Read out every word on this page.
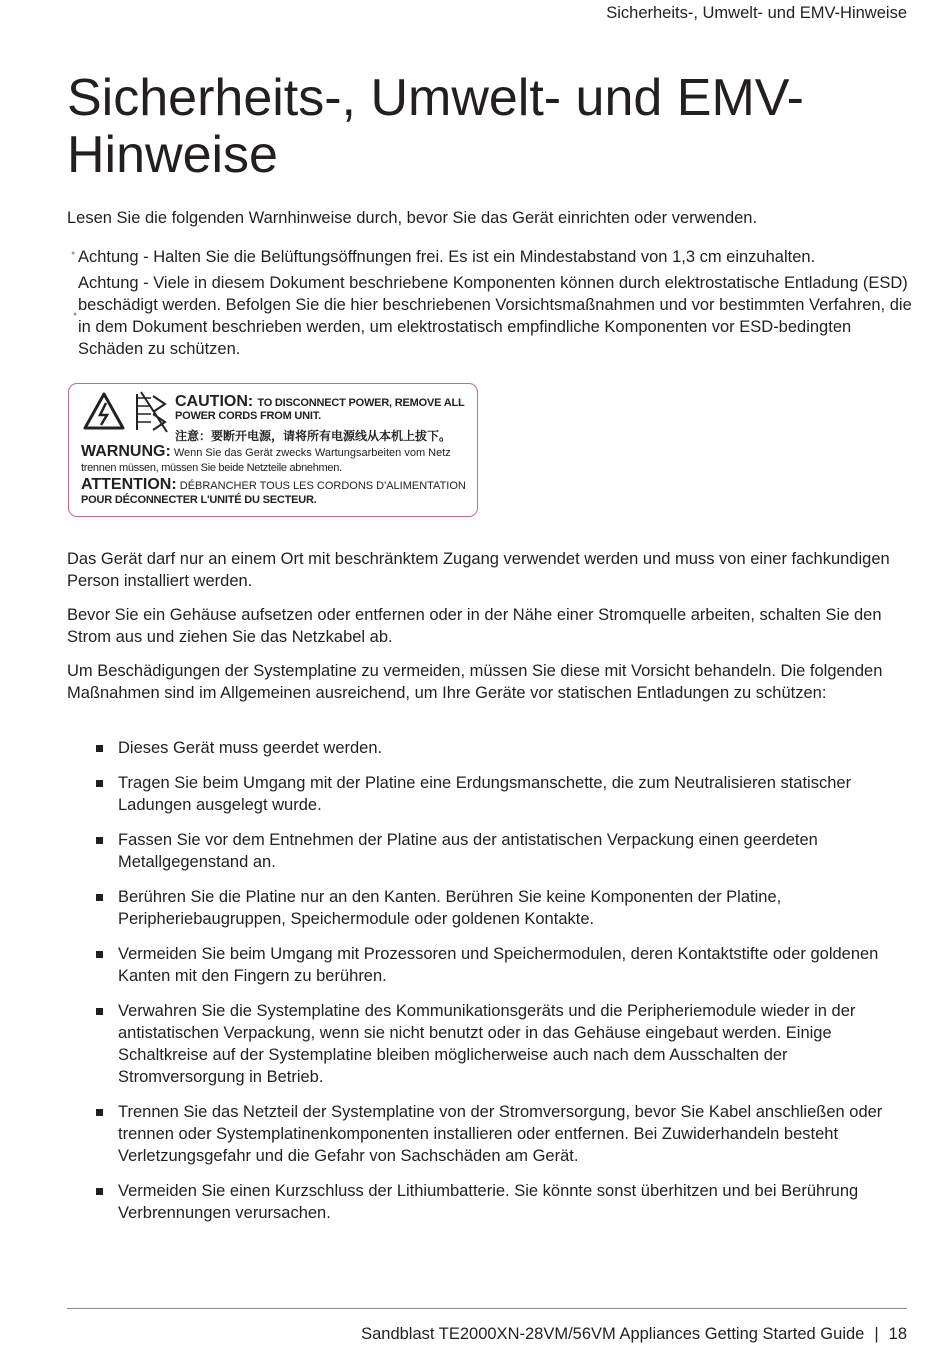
Sicherheits-, Umwelt- und EMV-Hinweise
Sicherheits-, Umwelt- und EMV-
Hinweise

Lesen Sie die folgenden Warnhinweise durch, bevor Sie das Gerät einrichten oder verwenden.

● Achtung - Halten Sie die Belüftungsöffnungen frei. Es ist ein Mindestabstand von 1,3 cm einzuhalten.
●
Achtung - Viele in diesem Dokument beschriebene Komponenten können durch elektrostatische Entladung (ESD) beschädigt werden. Befolgen Sie die hier beschriebenen Vorsichtsmaßnahmen und vor bestimmten Verfahren, die in dem Dokument beschrieben werden, um elektrostatisch empfindliche Komponenten vor ESD-bedingten Schäden zu schützen.
CAUTION: TO DISCONNECT POWER, REMOVE ALL
POWER CORDS FROM UNIT.
注意：要断开电源，请将所有电源线从本机上拔下。
WARNUNG: Wenn Sie das Gerät zwecks Wartungsarbeiten vom Netz
trennen müssen, müssen Sie beide Netzteile abnehmen.
ATTENTION: DÉBRANCHER TOUS LES CORDONS D'ALIMENTATION
POUR DÉCONNECTER L'UNITÉ DU SECTEUR.

Das Gerät darf nur an einem Ort mit beschränktem Zugang verwendet werden und muss von einer fachkundigen Person installiert werden.

Bevor Sie ein Gehäuse aufsetzen oder entfernen oder in der Nähe einer Stromquelle arbeiten, schalten Sie den Strom aus und ziehen Sie das Netzkabel ab.

Um Beschädigungen der Systemplatine zu vermeiden, müssen Sie diese mit Vorsicht behandeln. Die folgenden Maßnahmen sind im Allgemeinen ausreichend, um Ihre Geräte vor statischen Entladungen zu schützen:

Dieses Gerät muss geerdet werden.
Tragen Sie beim Umgang mit der Platine eine Erdungsmanschette, die zum Neutralisieren statischer Ladungen ausgelegt wurde.
Fassen Sie vor dem Entnehmen der Platine aus der antistatischen Verpackung einen geerdeten Metallgegenstand an.
Berühren Sie die Platine nur an den Kanten. Berühren Sie keine Komponenten der Platine, Peripheriebaugruppen, Speichermodule oder goldenen Kontakte.
Vermeiden Sie beim Umgang mit Prozessoren und Speichermodulen, deren Kontaktstifte oder goldenen Kanten mit den Fingern zu berühren.
Verwahren Sie die Systemplatine des Kommunikationsgeräts und die Peripheriemodule wieder in der antistatischen Verpackung, wenn sie nicht benutzt oder in das Gehäuse eingebaut werden. Einige Schaltkreise auf der Systemplatine bleiben möglicherweise auch nach dem Ausschalten der Stromversorgung in Betrieb.
Trennen Sie das Netzteil der Systemplatine von der Stromversorgung, bevor Sie Kabel anschließen oder trennen oder Systemplatinenkomponenten installieren oder entfernen. Bei Zuwiderhandeln besteht Verletzungsgefahr und die Gefahr von Sachschäden am Gerät.
Vermeiden Sie einen Kurzschluss der Lithiumbatterie. Sie könnte sonst überhitzen und bei Berührung Verbrennungen verursachen.
Sandblast TE2000XN-28VM/56VM Appliances Getting Started Guide | 18
